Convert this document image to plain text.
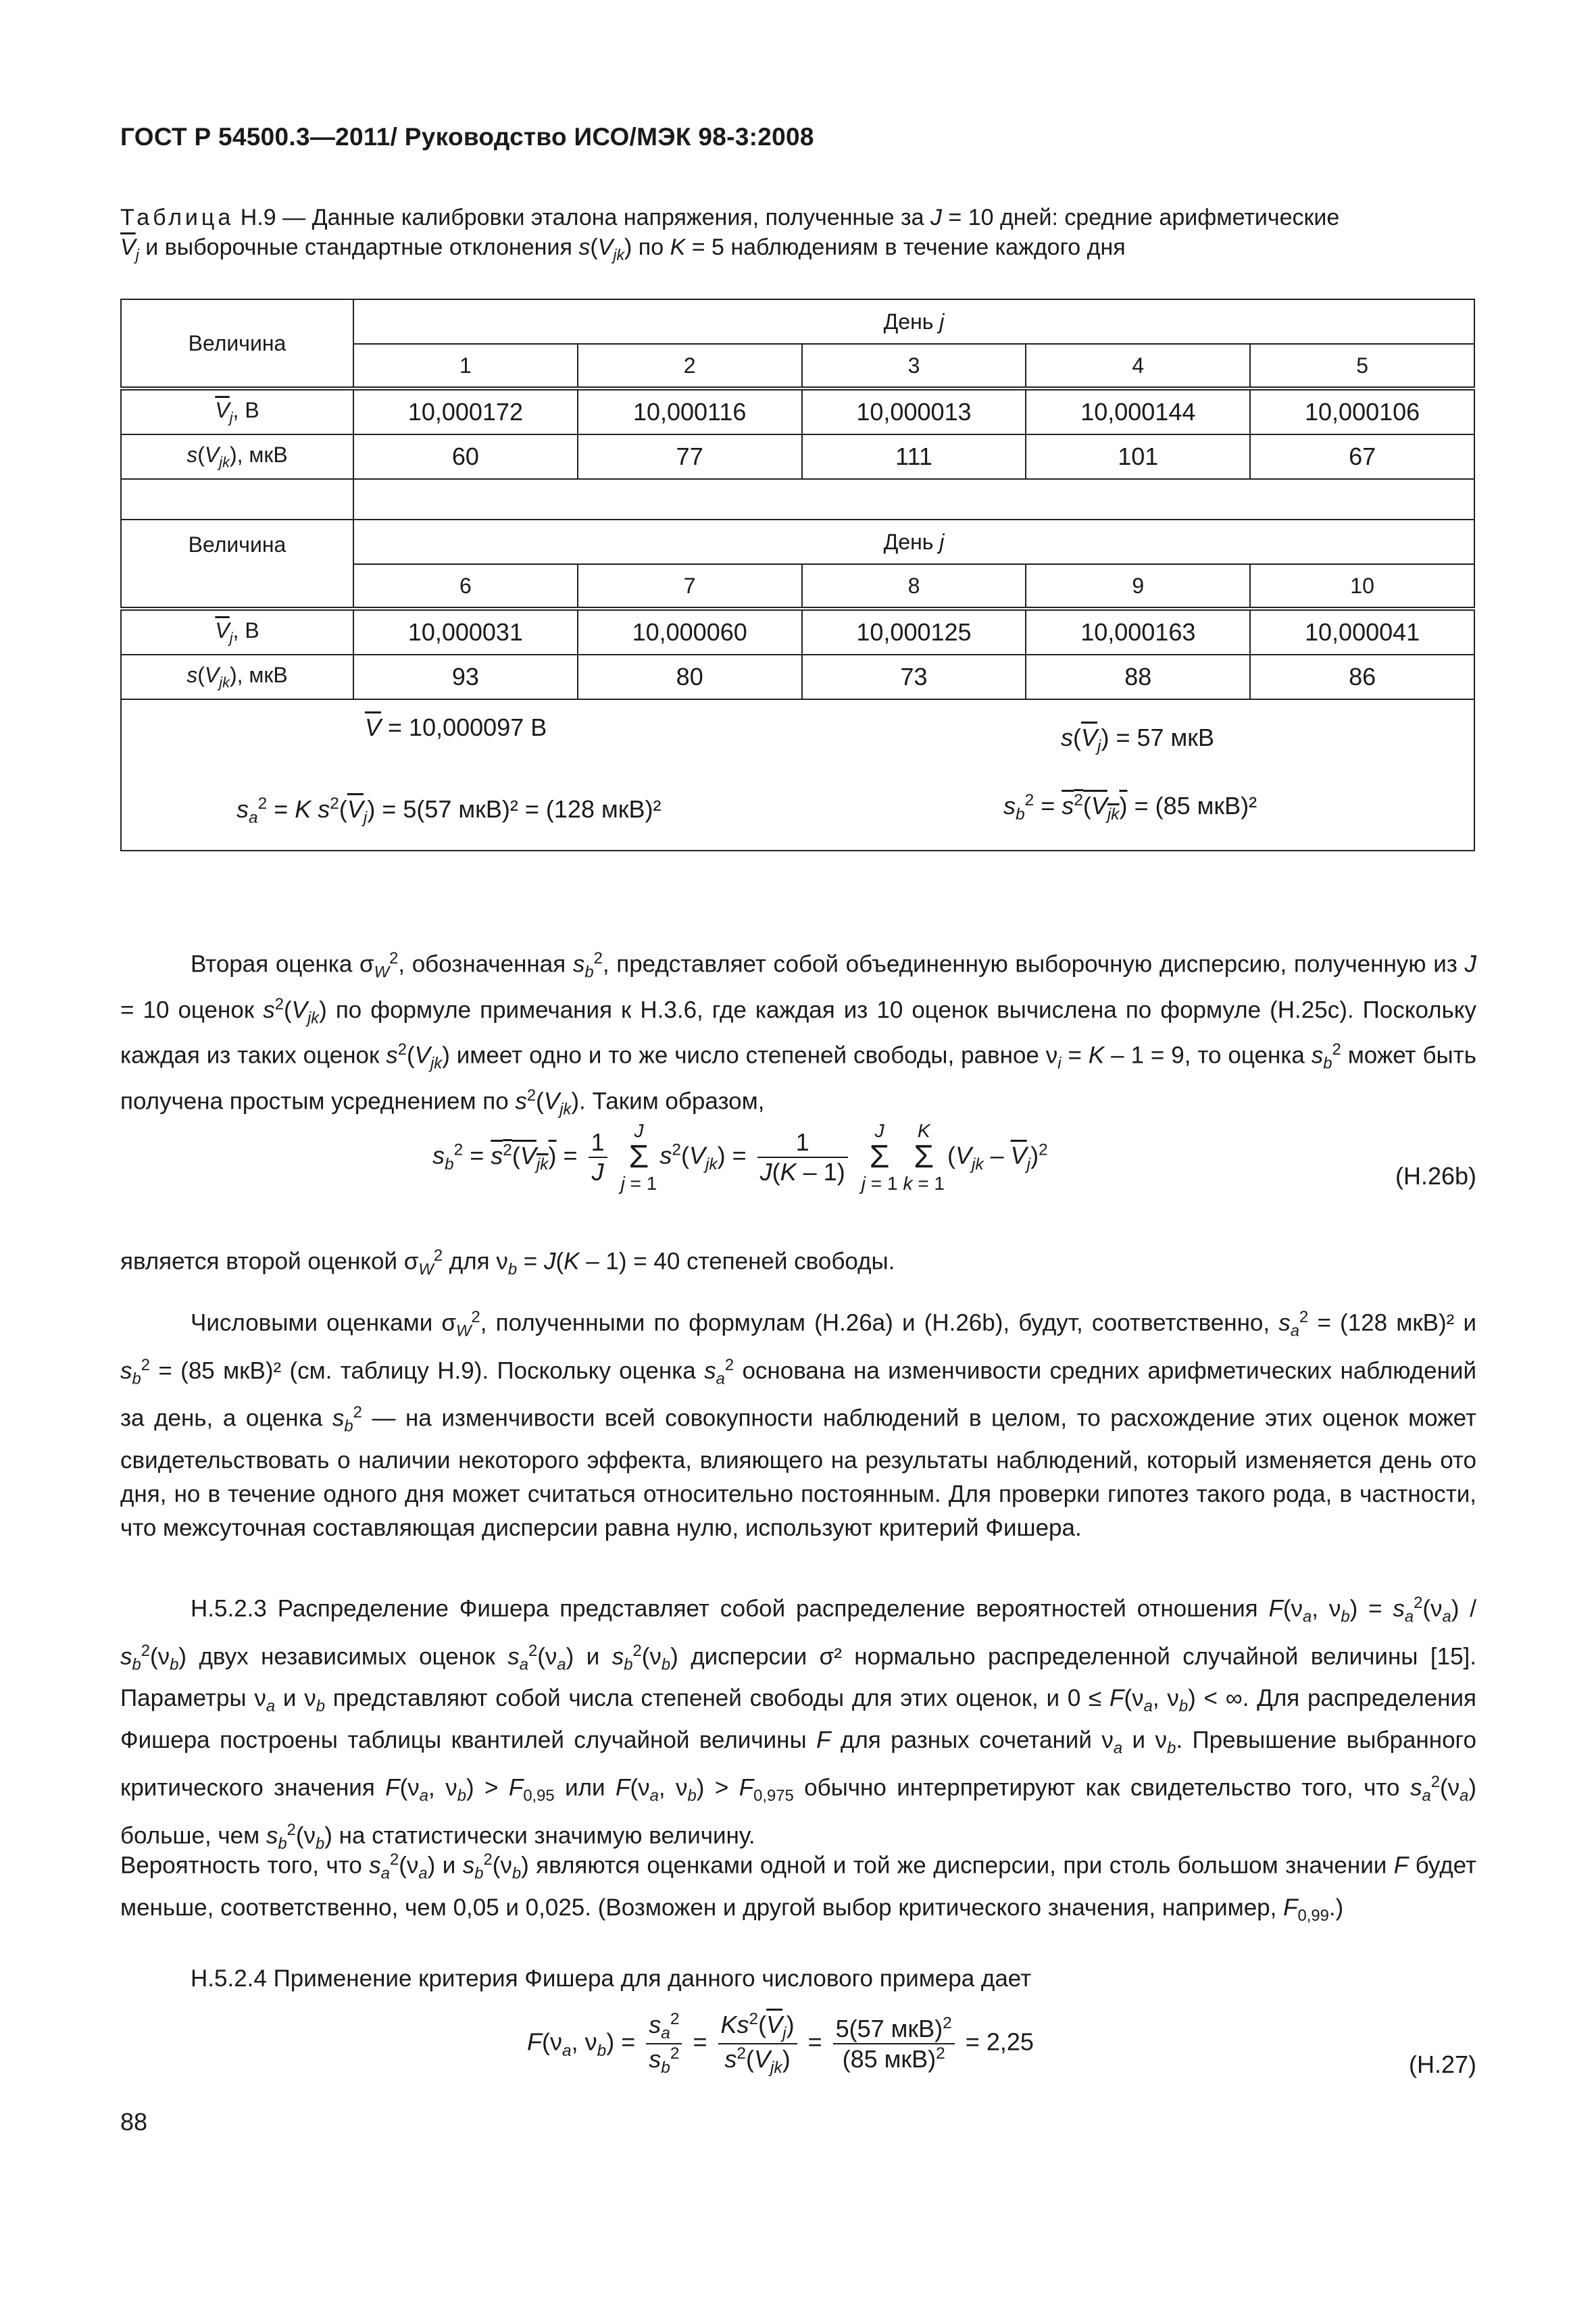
ГОСТ Р 54500.3—2011/ Руководство ИСО/МЭК 98-3:2008
Таблица Н.9 — Данные калибровки эталона напряжения, полученные за J = 10 дней: средние арифметические
$\overline{V}_j$ и выборочные стандартные отклонения $s(V_{jk})$ по K = 5 наблюдениям в течение каждого дня
Величина	День j				
	1	2	3	4	5
$\overline{V}_j$, В	10,000172	10,000116	10,000013	10,000144	10,000106
$s(V_{jk})$, мкВ	60	77	111	101	67

Величина	День j				
	6	7	8	9	10
$\overline{V}_j$, В	10,000031	10,000060	10,000125	10,000163	10,000041
$s(V_{jk})$, мкВ	93	80	73	88	86

$\overline{V} = 10,000097$ В $s(\overline{V}_j) = 57$ мкВ
$s_a^2 = K$ $s^2(\overline{V}_j) = 5(57$ мкВ)² = (128 мкВ)² $s_b^2 = s^2(V_{jk}) = (85$ мкВ)²					
Вторая оценка $\sigma_W^2$, обозначенная $s_b^2$, представляет собой объединенную выборочную дисперсию, полученную из J = 10 оценок $s^2(V_{jk})$ по формуле примечания к Н.3.6, где каждая из 10 оценок вычислена по формуле (Н.25с). Поскольку каждая из таких оценок $s^2(V_{jk})$ имеет одно и то же число степеней свободы, равное $\nu_i = K - 1 = 9$, то оценка $s_b^2$ может быть получена простым усреднением по $s^2(V_{jk})$. Таким образом,
$s_b^2 = s^2(V_{jk}) = \frac{1}{J}$ J
Σ
$j = 1s^2(V_{jk}) = \frac{1}{J(K - 1)}$ J
Σ
j = 1K
Σ
$k = 1(V_{jk} - \overline{V}_j)^2$
(Н.26b)
является второй оценкой $\sigma_W^2$ для $\nu_b = J(K - 1) = 40$ степеней свободы.
Числовыми оценками $\sigma_W^2$, полученными по формулам (Н.26а) и (Н.26b), будут, соответственно, $s_a^2 = (128$ мкВ)² и $s_b^2 = (85$ мкВ)² (см. таблицу Н.9). Поскольку оценка $s_a^2$ основана на изменчивости средних арифметических наблюдений за день, а оценка $s_b^2$ — на изменчивости всей совокупности наблюдений в целом, то расхождение этих оценок может свидетельствовать о наличии некоторого эффекта, влияющего на результаты наблюдений, который изменяется день ото дня, но в течение одного дня может считаться относительно постоянным. Для проверки гипотез такого рода, в частности, что межсуточная составляющая дисперсии равна нулю, используют критерий Фишера.
Н.5.2.3 Распределение Фишера представляет собой распределение вероятностей отношения $F(\nu_a$, $\nu_b) = s_a^2(\nu_a) / s_b^2(\nu_b)$ двух независимых оценок $s_a^2(\nu_a)$ и $s_b^2(\nu_b)$ дисперсии σ² нормально распределенной случайной величины [15]. Параметры $\nu_a$ и $\nu_b$ представляют собой числа степеней свободы для этих оценок, и $0 \le F(\nu_a$, $\nu_b$) < ∞. Для распределения Фишера построены таблицы квантилей случайной величины F для разных сочетаний $\nu_a$ и $\nu_b$. Превышение выбранного критического значения $F(\nu_a$, $\nu_b) > F_{0,95}$ или $F(\nu_a$, $\nu_b) > F_{0,975}$ обычно интерпретируют как свидетельство того, что $s_a^2(\nu_a)$ больше, чем $s_b^2(\nu_b)$ на статистически значимую величину.
Вероятность того, что $s_a^2(\nu_a)$ и $s_b^2(\nu_b)$ являются оценками одной и той же дисперсии, при столь большом значении F будет меньше, соответственно, чем 0,05 и 0,025. (Возможен и другой выбор критического значения, например, $F_{0,99}$.)
Н.5.2.4 Применение критерия Фишера для данного числового примера дает
$F(\nu_a$, $\nu_b) = \frac{s_a^2}{s_b^2} = \frac{Ks^2(\overline{V}_j)}{s^2(V_{jk})} = \frac{5(57 мкВ)^2}{(85 мкВ)^2} = 2,25$
(Н.27)
88
